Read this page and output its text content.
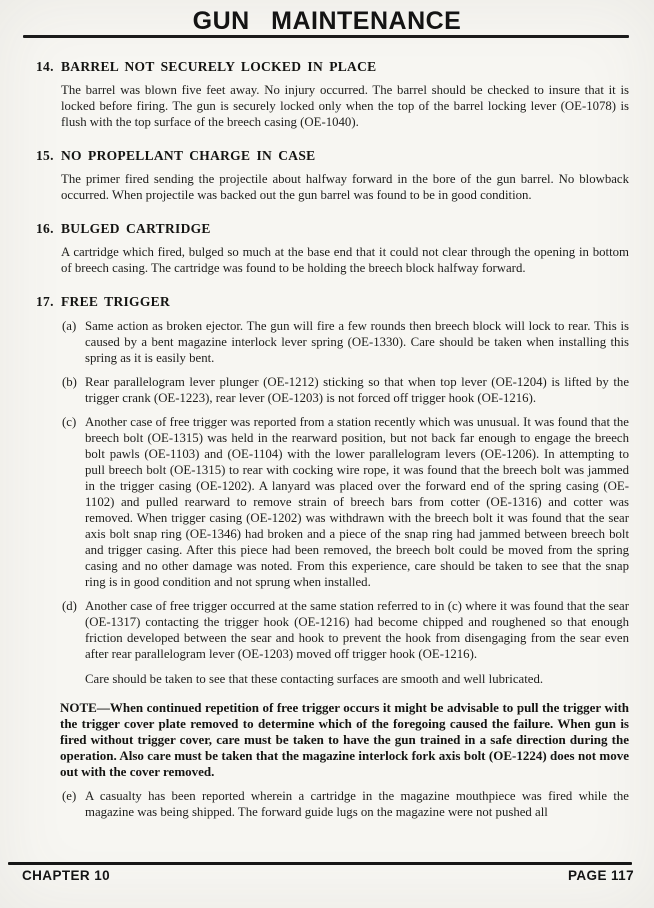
GUN MAINTENANCE
14. BARREL NOT SECURELY LOCKED IN PLACE

The barrel was blown five feet away. No injury occurred. The barrel should be checked to insure that it is locked before firing. The gun is securely locked only when the top of the barrel locking lever (OE-1078) is flush with the top surface of the breech casing (OE-1040).

15. NO PROPELLANT CHARGE IN CASE

The primer fired sending the projectile about halfway forward in the bore of the gun barrel. No blowback occurred. When projectile was backed out the gun barrel was found to be in good condition.

16. BULGED CARTRIDGE

A cartridge which fired, bulged so much at the base end that it could not clear through the opening in bottom of breech casing. The cartridge was found to be holding the breech block halfway forward.

17. FREE TRIGGER
(a) Same action as broken ejector. The gun will fire a few rounds then breech block will lock to rear. This is caused by a bent magazine interlock lever spring (OE-1330). Care should be taken when installing this spring as it is easily bent.
(b) Rear parallelogram lever plunger (OE-1212) sticking so that when top lever (OE-1204) is lifted by the trigger crank (OE-1223), rear lever (OE-1203) is not forced off trigger hook (OE-1216).
(c) Another case of free trigger was reported from a station recently which was unusual. It was found that the breech bolt (OE-1315) was held in the rearward position, but not back far enough to engage the breech bolt pawls (OE-1103) and (OE-1104) with the lower parallelogram levers (OE-1206). In attempting to pull breech bolt (OE-1315) to rear with cocking wire rope, it was found that the breech bolt was jammed in the trigger casing (OE-1202). A lanyard was placed over the forward end of the spring casing (OE-1102) and pulled rearward to remove strain of breech bars from cotter (OE-1316) and cotter was removed. When trigger casing (OE-1202) was withdrawn with the breech bolt it was found that the sear axis bolt snap ring (OE-1346) had broken and a piece of the snap ring had jammed between breech bolt and trigger casing. After this piece had been removed, the breech bolt could be moved from the spring casing and no other damage was noted. From this experience, care should be taken to see that the snap ring is in good condition and not sprung when installed.
(d) Another case of free trigger occurred at the same station referred to in (c) where it was found that the sear (OE-1317) contacting the trigger hook (OE-1216) had become chipped and roughened so that enough friction developed between the sear and hook to prevent the hook from disengaging from the sear even after rear parallelogram lever (OE-1203) moved off trigger hook (OE-1216).

Care should be taken to see that these contacting surfaces are smooth and well lubricated.

NOTE—When continued repetition of free trigger occurs it might be advisable to pull the trigger with the trigger cover plate removed to determine which of the foregoing caused the failure. When gun is fired without trigger cover, care must be taken to have the gun trained in a safe direction during the operation. Also care must be taken that the magazine interlock fork axis bolt (OE-1224) does not move out with the cover removed.

(e) A casualty has been reported wherein a cartridge in the magazine mouthpiece was fired while the magazine was being shipped. The forward guide lugs on the magazine were not pushed all
CHAPTER 10	PAGE 117
